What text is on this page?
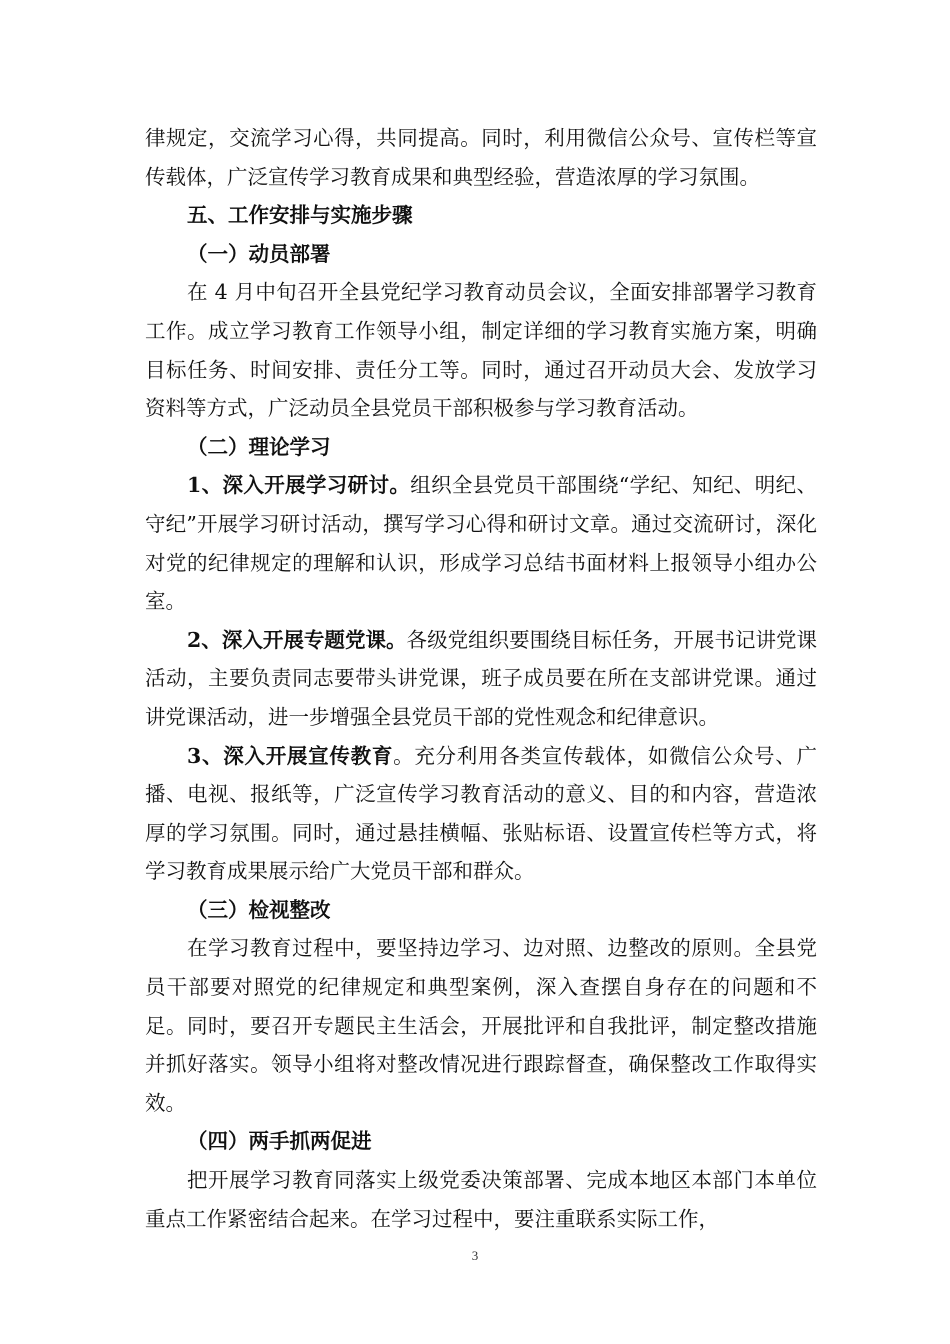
律规定，交流学习心得，共同提高。同时，利用微信公众号、宣传栏等宣传载体，广泛宣传学习教育成果和典型经验，营造浓厚的学习氛围。

五、工作安排与实施步骤

（一）动员部署

在 4 月中旬召开全县党纪学习教育动员会议，全面安排部署学习教育工作。成立学习教育工作领导小组，制定详细的学习教育实施方案，明确目标任务、时间安排、责任分工等。同时，通过召开动员大会、发放学习资料等方式，广泛动员全县党员干部积极参与学习教育活动。

（二）理论学习

1、深入开展学习研讨。组织全县党员干部围绕“学纪、知纪、明纪、守纪”开展学习研讨活动，撰写学习心得和研讨文章。通过交流研讨，深化对党的纪律规定的理解和认识，形成学习总结书面材料上报领导小组办公室。

2、深入开展专题党课。各级党组织要围绕目标任务，开展书记讲党课活动，主要负责同志要带头讲党课，班子成员要在所在支部讲党课。通过讲党课活动，进一步增强全县党员干部的党性观念和纪律意识。

3、深入开展宣传教育。充分利用各类宣传载体，如微信公众号、广播、电视、报纸等，广泛宣传学习教育活动的意义、目的和内容，营造浓厚的学习氛围。同时，通过悬挂横幅、张贴标语、设置宣传栏等方式，将学习教育成果展示给广大党员干部和群众。

（三）检视整改

在学习教育过程中，要坚持边学习、边对照、边整改的原则。全县党员干部要对照党的纪律规定和典型案例，深入查摆自身存在的问题和不足。同时，要召开专题民主生活会，开展批评和自我批评，制定整改措施并抓好落实。领导小组将对整改情况进行跟踪督查，确保整改工作取得实效。

（四）两手抓两促进

把开展学习教育同落实上级党委决策部署、完成本地区本部门本单位重点工作紧密结合起来。在学习过程中，要注重联系实际工作，

3
